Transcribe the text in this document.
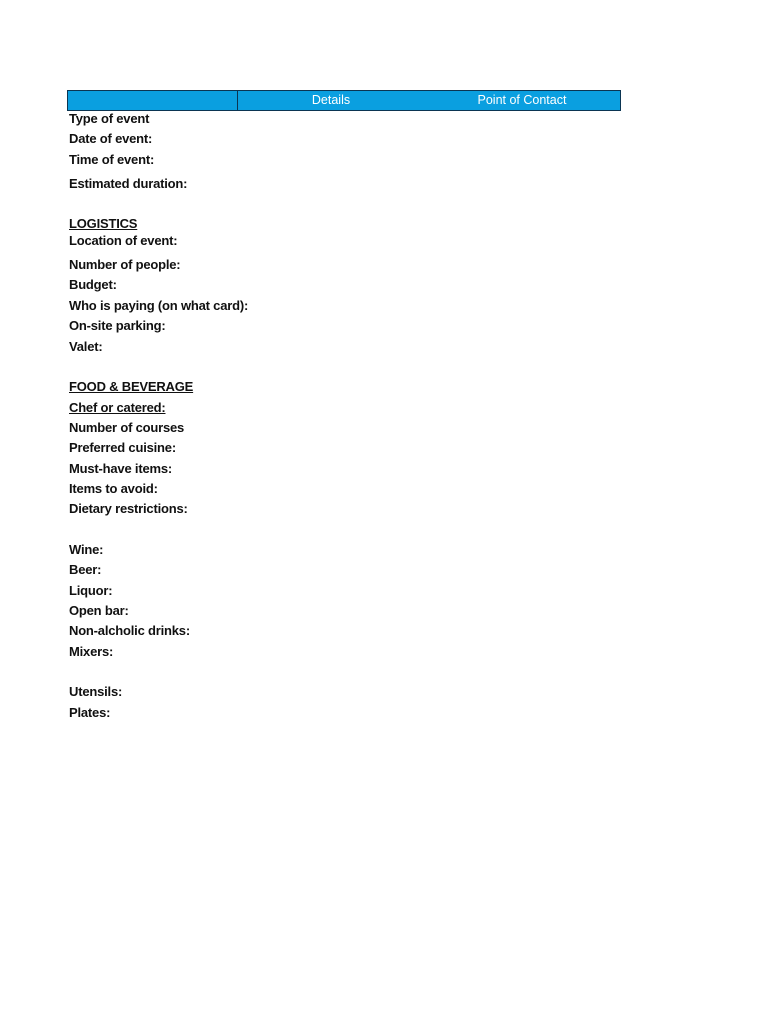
Details	Point of Contact
Type of event
Date of event:
Time of event:
Estimated duration:
LOGISTICS
Location of event:
Number of people:
Budget:
Who is paying (on what card):
On-site parking:
Valet:
FOOD & BEVERAGE
Chef or catered:
Number of courses
Preferred cuisine:
Must-have items:
Items to avoid:
Dietary restrictions:
Wine:
Beer:
Liquor:
Open bar:
Non-alcholic drinks:
Mixers:
Utensils:
Plates:
